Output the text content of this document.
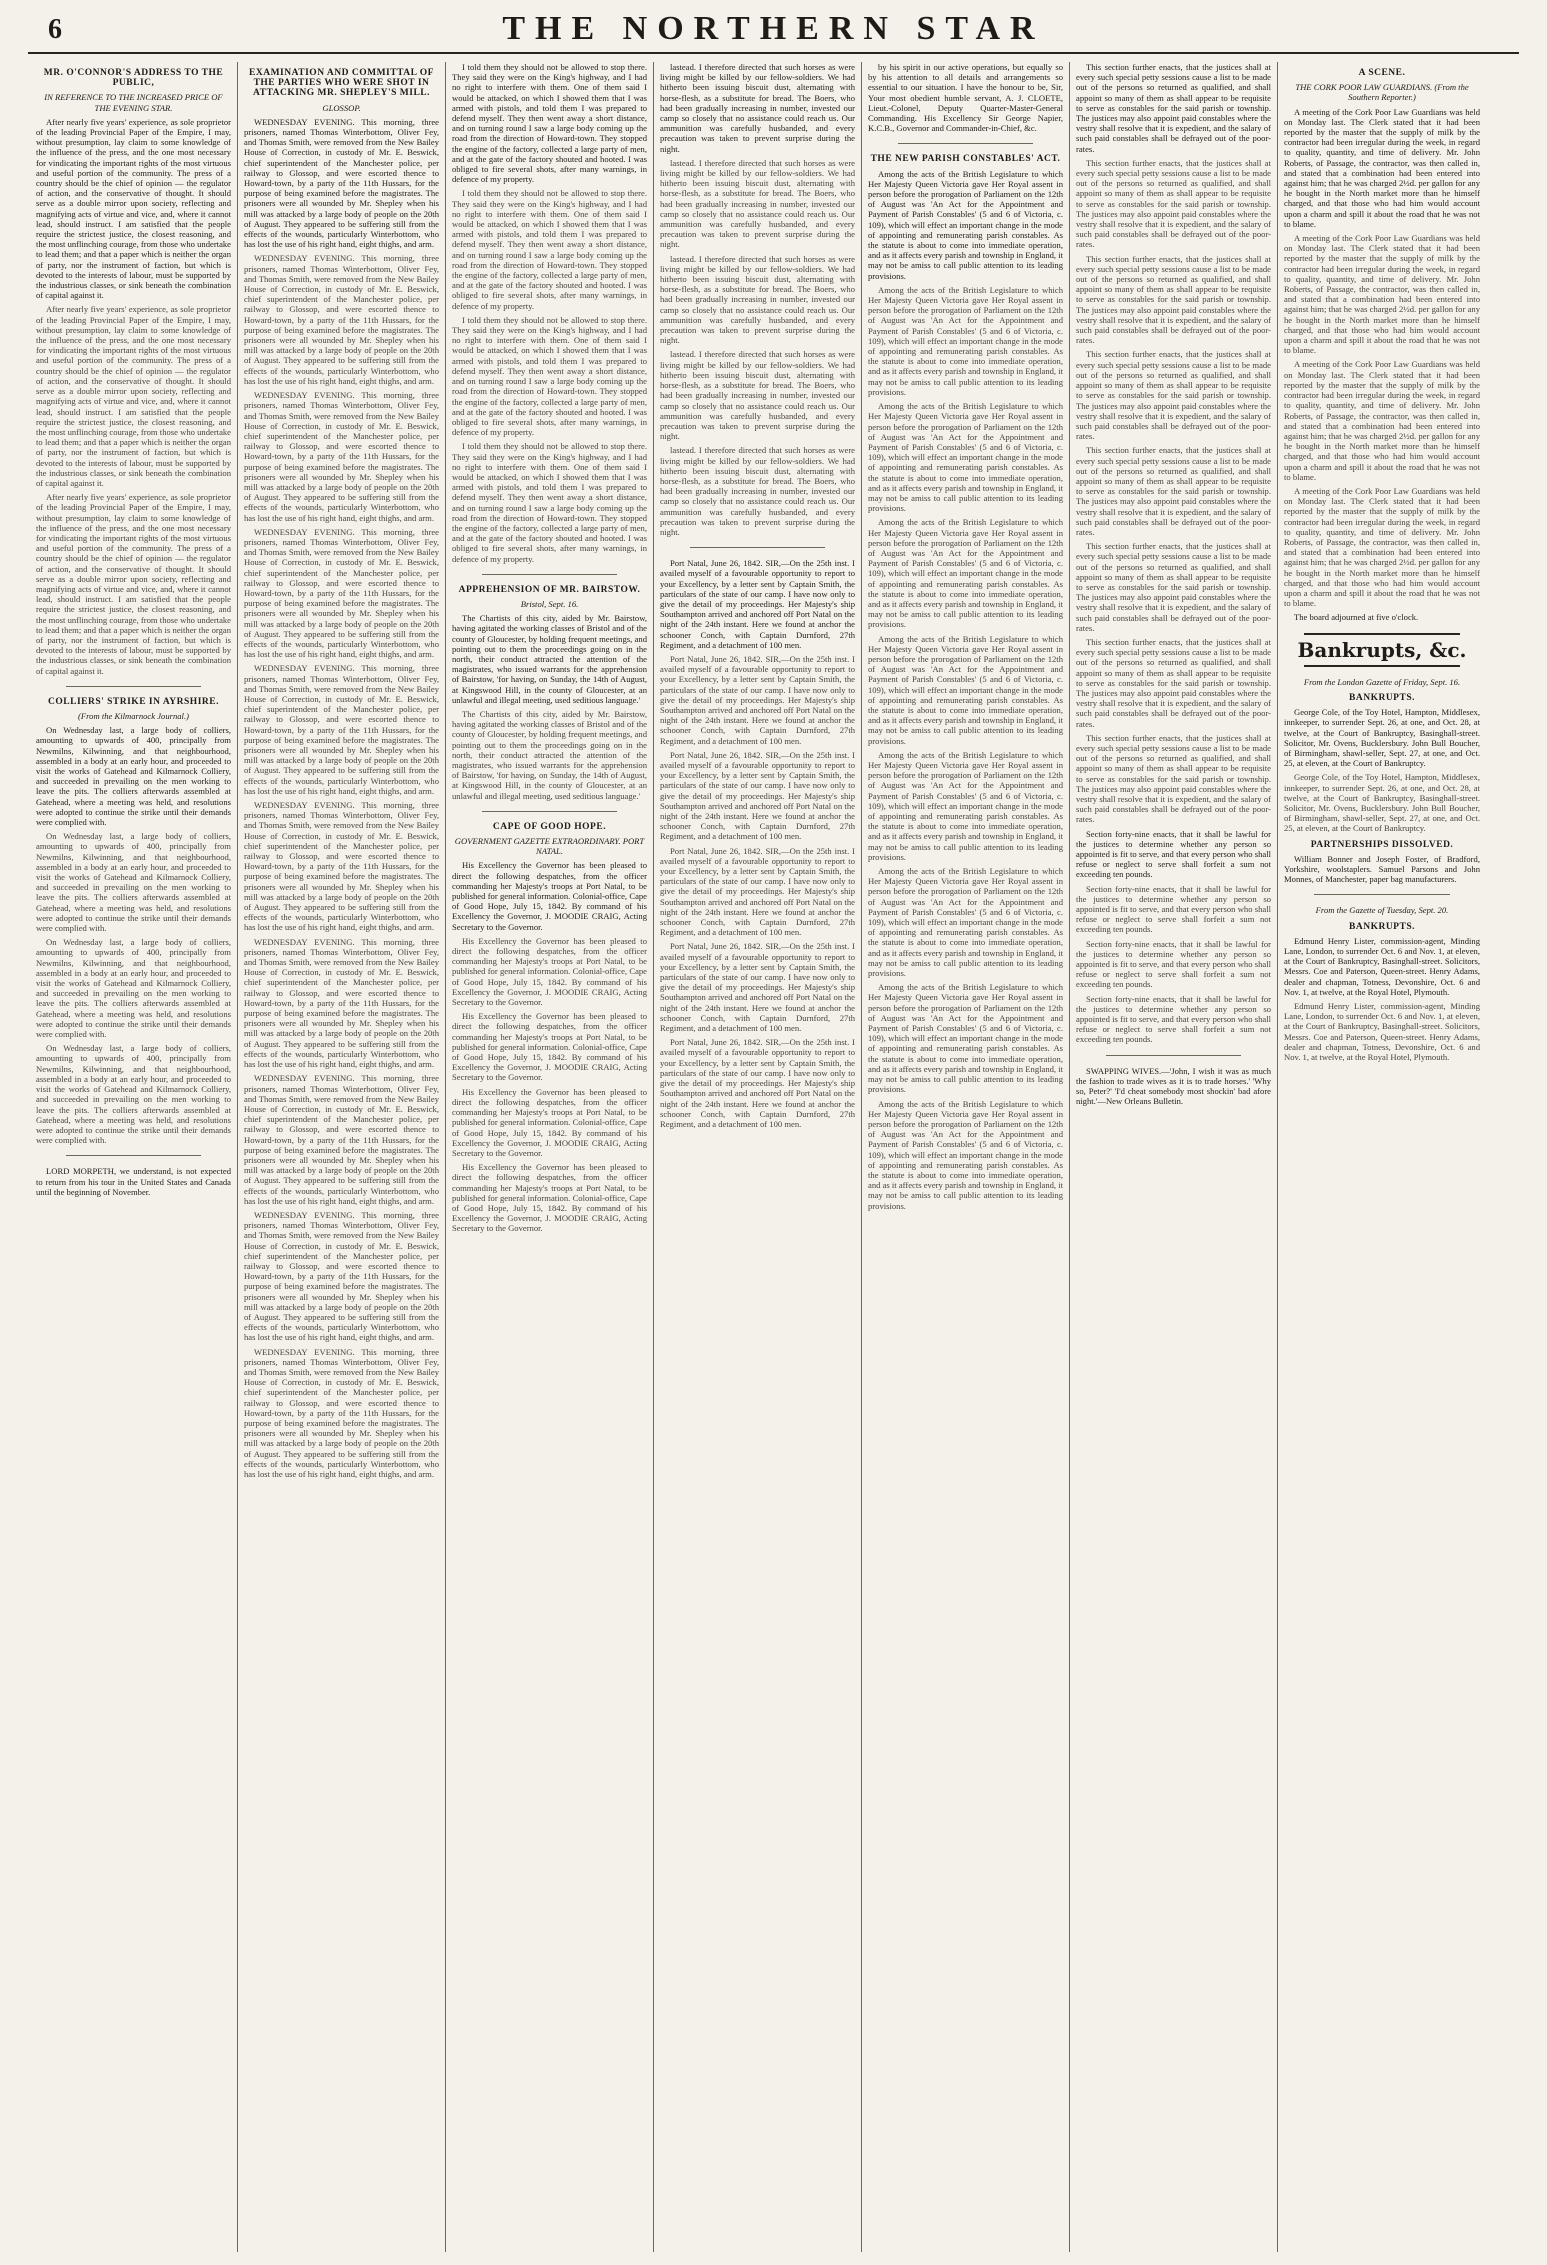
6	THE NORTHERN STAR
MR. O'CONNOR'S ADDRESS TO THE PUBLIC,
IN REFERENCE TO THE INCREASED PRICE OF THE EVENING STAR.

After nearly five years' experience, as sole proprietor of the leading Provincial Paper of the Empire, I may, without presumption, lay claim to some knowledge of the influence of the press, and the one most necessary for vindicating the important rights of the most virtuous and useful portion of the community. The press of a country should be the chief of opinion — the regulator of action, and the conservative of thought. It should serve as a double mirror upon society, reflecting and magnifying acts of virtue and vice, and, where it cannot lead, should instruct. I am satisfied that the people require the strictest justice, the closest reasoning, and the most unflinching courage, from those who undertake to lead them; and that a paper which is neither the organ of party, nor the instrument of faction, but which is devoted to the interests of labour, must be supported by the industrious classes, or sink beneath the combination of capital against it.

After nearly five years' experience, as sole proprietor of the leading Provincial Paper of the Empire, I may, without presumption, lay claim to some knowledge of the influence of the press, and the one most necessary for vindicating the important rights of the most virtuous and useful portion of the community. The press of a country should be the chief of opinion — the regulator of action, and the conservative of thought. It should serve as a double mirror upon society, reflecting and magnifying acts of virtue and vice, and, where it cannot lead, should instruct. I am satisfied that the people require the strictest justice, the closest reasoning, and the most unflinching courage, from those who undertake to lead them; and that a paper which is neither the organ of party, nor the instrument of faction, but which is devoted to the interests of labour, must be supported by the industrious classes, or sink beneath the combination of capital against it.

After nearly five years' experience, as sole proprietor of the leading Provincial Paper of the Empire, I may, without presumption, lay claim to some knowledge of the influence of the press, and the one most necessary for vindicating the important rights of the most virtuous and useful portion of the community. The press of a country should be the chief of opinion — the regulator of action, and the conservative of thought. It should serve as a double mirror upon society, reflecting and magnifying acts of virtue and vice, and, where it cannot lead, should instruct. I am satisfied that the people require the strictest justice, the closest reasoning, and the most unflinching courage, from those who undertake to lead them; and that a paper which is neither the organ of party, nor the instrument of faction, but which is devoted to the interests of labour, must be supported by the industrious classes, or sink beneath the combination of capital against it.

COLLIERS' STRIKE IN AYRSHIRE.
(From the Kilmarnock Journal.)

On Wednesday last, a large body of colliers, amounting to upwards of 400, principally from Newmilns, Kilwinning, and that neighbourhood, assembled in a body at an early hour, and proceeded to visit the works of Gatehead and Kilmarnock Colliery, and succeeded in prevailing on the men working to leave the pits. The colliers afterwards assembled at Gatehead, where a meeting was held, and resolutions were adopted to continue the strike until their demands were complied with.

On Wednesday last, a large body of colliers, amounting to upwards of 400, principally from Newmilns, Kilwinning, and that neighbourhood, assembled in a body at an early hour, and proceeded to visit the works of Gatehead and Kilmarnock Colliery, and succeeded in prevailing on the men working to leave the pits. The colliers afterwards assembled at Gatehead, where a meeting was held, and resolutions were adopted to continue the strike until their demands were complied with.

On Wednesday last, a large body of colliers, amounting to upwards of 400, principally from Newmilns, Kilwinning, and that neighbourhood, assembled in a body at an early hour, and proceeded to visit the works of Gatehead and Kilmarnock Colliery, and succeeded in prevailing on the men working to leave the pits. The colliers afterwards assembled at Gatehead, where a meeting was held, and resolutions were adopted to continue the strike until their demands were complied with.

On Wednesday last, a large body of colliers, amounting to upwards of 400, principally from Newmilns, Kilwinning, and that neighbourhood, assembled in a body at an early hour, and proceeded to visit the works of Gatehead and Kilmarnock Colliery, and succeeded in prevailing on the men working to leave the pits. The colliers afterwards assembled at Gatehead, where a meeting was held, and resolutions were adopted to continue the strike until their demands were complied with.

LORD MORPETH, we understand, is not expected to return from his tour in the United States and Canada until the beginning of November.

EXAMINATION AND COMMITTAL OF THE PARTIES WHO WERE SHOT IN ATTACKING MR. SHEPLEY'S MILL.
GLOSSOP.

WEDNESDAY EVENING. This morning, three prisoners, named Thomas Winterbottom, Oliver Fey, and Thomas Smith, were removed from the New Bailey House of Correction, in custody of Mr. E. Beswick, chief superintendent of the Manchester police, per railway to Glossop, and were escorted thence to Howard-town, by a party of the 11th Hussars, for the purpose of being examined before the magistrates. The prisoners were all wounded by Mr. Shepley when his mill was attacked by a large body of people on the 20th of August. They appeared to be suffering still from the effects of the wounds, particularly Winterbottom, who has lost the use of his right hand, eight thighs, and arm.

WEDNESDAY EVENING. This morning, three prisoners, named Thomas Winterbottom, Oliver Fey, and Thomas Smith, were removed from the New Bailey House of Correction, in custody of Mr. E. Beswick, chief superintendent of the Manchester police, per railway to Glossop, and were escorted thence to Howard-town, by a party of the 11th Hussars, for the purpose of being examined before the magistrates. The prisoners were all wounded by Mr. Shepley when his mill was attacked by a large body of people on the 20th of August. They appeared to be suffering still from the effects of the wounds, particularly Winterbottom, who has lost the use of his right hand, eight thighs, and arm.

WEDNESDAY EVENING. This morning, three prisoners, named Thomas Winterbottom, Oliver Fey, and Thomas Smith, were removed from the New Bailey House of Correction, in custody of Mr. E. Beswick, chief superintendent of the Manchester police, per railway to Glossop, and were escorted thence to Howard-town, by a party of the 11th Hussars, for the purpose of being examined before the magistrates. The prisoners were all wounded by Mr. Shepley when his mill was attacked by a large body of people on the 20th of August. They appeared to be suffering still from the effects of the wounds, particularly Winterbottom, who has lost the use of his right hand, eight thighs, and arm.

WEDNESDAY EVENING. This morning, three prisoners, named Thomas Winterbottom, Oliver Fey, and Thomas Smith, were removed from the New Bailey House of Correction, in custody of Mr. E. Beswick, chief superintendent of the Manchester police, per railway to Glossop, and were escorted thence to Howard-town, by a party of the 11th Hussars, for the purpose of being examined before the magistrates. The prisoners were all wounded by Mr. Shepley when his mill was attacked by a large body of people on the 20th of August. They appeared to be suffering still from the effects of the wounds, particularly Winterbottom, who has lost the use of his right hand, eight thighs, and arm.

WEDNESDAY EVENING. This morning, three prisoners, named Thomas Winterbottom, Oliver Fey, and Thomas Smith, were removed from the New Bailey House of Correction, in custody of Mr. E. Beswick, chief superintendent of the Manchester police, per railway to Glossop, and were escorted thence to Howard-town, by a party of the 11th Hussars, for the purpose of being examined before the magistrates. The prisoners were all wounded by Mr. Shepley when his mill was attacked by a large body of people on the 20th of August. They appeared to be suffering still from the effects of the wounds, particularly Winterbottom, who has lost the use of his right hand, eight thighs, and arm.

WEDNESDAY EVENING. This morning, three prisoners, named Thomas Winterbottom, Oliver Fey, and Thomas Smith, were removed from the New Bailey House of Correction, in custody of Mr. E. Beswick, chief superintendent of the Manchester police, per railway to Glossop, and were escorted thence to Howard-town, by a party of the 11th Hussars, for the purpose of being examined before the magistrates. The prisoners were all wounded by Mr. Shepley when his mill was attacked by a large body of people on the 20th of August. They appeared to be suffering still from the effects of the wounds, particularly Winterbottom, who has lost the use of his right hand, eight thighs, and arm.

WEDNESDAY EVENING. This morning, three prisoners, named Thomas Winterbottom, Oliver Fey, and Thomas Smith, were removed from the New Bailey House of Correction, in custody of Mr. E. Beswick, chief superintendent of the Manchester police, per railway to Glossop, and were escorted thence to Howard-town, by a party of the 11th Hussars, for the purpose of being examined before the magistrates. The prisoners were all wounded by Mr. Shepley when his mill was attacked by a large body of people on the 20th of August. They appeared to be suffering still from the effects of the wounds, particularly Winterbottom, who has lost the use of his right hand, eight thighs, and arm.

WEDNESDAY EVENING. This morning, three prisoners, named Thomas Winterbottom, Oliver Fey, and Thomas Smith, were removed from the New Bailey House of Correction, in custody of Mr. E. Beswick, chief superintendent of the Manchester police, per railway to Glossop, and were escorted thence to Howard-town, by a party of the 11th Hussars, for the purpose of being examined before the magistrates. The prisoners were all wounded by Mr. Shepley when his mill was attacked by a large body of people on the 20th of August. They appeared to be suffering still from the effects of the wounds, particularly Winterbottom, who has lost the use of his right hand, eight thighs, and arm.

WEDNESDAY EVENING. This morning, three prisoners, named Thomas Winterbottom, Oliver Fey, and Thomas Smith, were removed from the New Bailey House of Correction, in custody of Mr. E. Beswick, chief superintendent of the Manchester police, per railway to Glossop, and were escorted thence to Howard-town, by a party of the 11th Hussars, for the purpose of being examined before the magistrates. The prisoners were all wounded by Mr. Shepley when his mill was attacked by a large body of people on the 20th of August. They appeared to be suffering still from the effects of the wounds, particularly Winterbottom, who has lost the use of his right hand, eight thighs, and arm.

WEDNESDAY EVENING. This morning, three prisoners, named Thomas Winterbottom, Oliver Fey, and Thomas Smith, were removed from the New Bailey House of Correction, in custody of Mr. E. Beswick, chief superintendent of the Manchester police, per railway to Glossop, and were escorted thence to Howard-town, by a party of the 11th Hussars, for the purpose of being examined before the magistrates. The prisoners were all wounded by Mr. Shepley when his mill was attacked by a large body of people on the 20th of August. They appeared to be suffering still from the effects of the wounds, particularly Winterbottom, who has lost the use of his right hand, eight thighs, and arm.

I told them they should not be allowed to stop there. They said they were on the King's highway, and I had no right to interfere with them. One of them said I would be attacked, on which I showed them that I was armed with pistols, and told them I was prepared to defend myself. They then went away a short distance, and on turning round I saw a large body coming up the road from the direction of Howard-town. They stopped the engine of the factory, collected a large party of men, and at the gate of the factory shouted and hooted. I was obliged to fire several shots, after many warnings, in defence of my property.

I told them they should not be allowed to stop there. They said they were on the King's highway, and I had no right to interfere with them. One of them said I would be attacked, on which I showed them that I was armed with pistols, and told them I was prepared to defend myself. They then went away a short distance, and on turning round I saw a large body coming up the road from the direction of Howard-town. They stopped the engine of the factory, collected a large party of men, and at the gate of the factory shouted and hooted. I was obliged to fire several shots, after many warnings, in defence of my property.

I told them they should not be allowed to stop there. They said they were on the King's highway, and I had no right to interfere with them. One of them said I would be attacked, on which I showed them that I was armed with pistols, and told them I was prepared to defend myself. They then went away a short distance, and on turning round I saw a large body coming up the road from the direction of Howard-town. They stopped the engine of the factory, collected a large party of men, and at the gate of the factory shouted and hooted. I was obliged to fire several shots, after many warnings, in defence of my property.

I told them they should not be allowed to stop there. They said they were on the King's highway, and I had no right to interfere with them. One of them said I would be attacked, on which I showed them that I was armed with pistols, and told them I was prepared to defend myself. They then went away a short distance, and on turning round I saw a large body coming up the road from the direction of Howard-town. They stopped the engine of the factory, collected a large party of men, and at the gate of the factory shouted and hooted. I was obliged to fire several shots, after many warnings, in defence of my property.

APPREHENSION OF MR. BAIRSTOW.
Bristol, Sept. 16.

The Chartists of this city, aided by Mr. Bairstow, having agitated the working classes of Bristol and of the county of Gloucester, by holding frequent meetings, and pointing out to them the proceedings going on in the north, their conduct attracted the attention of the magistrates, who issued warrants for the apprehension of Bairstow, 'for having, on Sunday, the 14th of August, at Kingswood Hill, in the county of Gloucester, at an unlawful and illegal meeting, used seditious language.'

The Chartists of this city, aided by Mr. Bairstow, having agitated the working classes of Bristol and of the county of Gloucester, by holding frequent meetings, and pointing out to them the proceedings going on in the north, their conduct attracted the attention of the magistrates, who issued warrants for the apprehension of Bairstow, 'for having, on Sunday, the 14th of August, at Kingswood Hill, in the county of Gloucester, at an unlawful and illegal meeting, used seditious language.'

CAPE OF GOOD HOPE.
GOVERNMENT GAZETTE EXTRAORDINARY. PORT NATAL.

His Excellency the Governor has been pleased to direct the following despatches, from the officer commanding her Majesty's troops at Port Natal, to be published for general information. Colonial-office, Cape of Good Hope, July 15, 1842. By command of his Excellency the Governor, J. MOODIE CRAIG, Acting Secretary to the Governor.

His Excellency the Governor has been pleased to direct the following despatches, from the officer commanding her Majesty's troops at Port Natal, to be published for general information. Colonial-office, Cape of Good Hope, July 15, 1842. By command of his Excellency the Governor, J. MOODIE CRAIG, Acting Secretary to the Governor.

His Excellency the Governor has been pleased to direct the following despatches, from the officer commanding her Majesty's troops at Port Natal, to be published for general information. Colonial-office, Cape of Good Hope, July 15, 1842. By command of his Excellency the Governor, J. MOODIE CRAIG, Acting Secretary to the Governor.

His Excellency the Governor has been pleased to direct the following despatches, from the officer commanding her Majesty's troops at Port Natal, to be published for general information. Colonial-office, Cape of Good Hope, July 15, 1842. By command of his Excellency the Governor, J. MOODIE CRAIG, Acting Secretary to the Governor.

His Excellency the Governor has been pleased to direct the following despatches, from the officer commanding her Majesty's troops at Port Natal, to be published for general information. Colonial-office, Cape of Good Hope, July 15, 1842. By command of his Excellency the Governor, J. MOODIE CRAIG, Acting Secretary to the Governor.

lastead. I therefore directed that such horses as were living might be killed by our fellow-soldiers. We had hitherto been issuing biscuit dust, alternating with horse-flesh, as a substitute for bread. The Boers, who had been gradually increasing in number, invested our camp so closely that no assistance could reach us. Our ammunition was carefully husbanded, and every precaution was taken to prevent surprise during the night.

lastead. I therefore directed that such horses as were living might be killed by our fellow-soldiers. We had hitherto been issuing biscuit dust, alternating with horse-flesh, as a substitute for bread. The Boers, who had been gradually increasing in number, invested our camp so closely that no assistance could reach us. Our ammunition was carefully husbanded, and every precaution was taken to prevent surprise during the night.

lastead. I therefore directed that such horses as were living might be killed by our fellow-soldiers. We had hitherto been issuing biscuit dust, alternating with horse-flesh, as a substitute for bread. The Boers, who had been gradually increasing in number, invested our camp so closely that no assistance could reach us. Our ammunition was carefully husbanded, and every precaution was taken to prevent surprise during the night.

lastead. I therefore directed that such horses as were living might be killed by our fellow-soldiers. We had hitherto been issuing biscuit dust, alternating with horse-flesh, as a substitute for bread. The Boers, who had been gradually increasing in number, invested our camp so closely that no assistance could reach us. Our ammunition was carefully husbanded, and every precaution was taken to prevent surprise during the night.

lastead. I therefore directed that such horses as were living might be killed by our fellow-soldiers. We had hitherto been issuing biscuit dust, alternating with horse-flesh, as a substitute for bread. The Boers, who had been gradually increasing in number, invested our camp so closely that no assistance could reach us. Our ammunition was carefully husbanded, and every precaution was taken to prevent surprise during the night.

Port Natal, June 26, 1842. SIR,—On the 25th inst. I availed myself of a favourable opportunity to report to your Excellency, by a letter sent by Captain Smith, the particulars of the state of our camp. I have now only to give the detail of my proceedings. Her Majesty's ship Southampton arrived and anchored off Port Natal on the night of the 24th instant. Here we found at anchor the schooner Conch, with Captain Durnford, 27th Regiment, and a detachment of 100 men.

Port Natal, June 26, 1842. SIR,—On the 25th inst. I availed myself of a favourable opportunity to report to your Excellency, by a letter sent by Captain Smith, the particulars of the state of our camp. I have now only to give the detail of my proceedings. Her Majesty's ship Southampton arrived and anchored off Port Natal on the night of the 24th instant. Here we found at anchor the schooner Conch, with Captain Durnford, 27th Regiment, and a detachment of 100 men.

Port Natal, June 26, 1842. SIR,—On the 25th inst. I availed myself of a favourable opportunity to report to your Excellency, by a letter sent by Captain Smith, the particulars of the state of our camp. I have now only to give the detail of my proceedings. Her Majesty's ship Southampton arrived and anchored off Port Natal on the night of the 24th instant. Here we found at anchor the schooner Conch, with Captain Durnford, 27th Regiment, and a detachment of 100 men.

Port Natal, June 26, 1842. SIR,—On the 25th inst. I availed myself of a favourable opportunity to report to your Excellency, by a letter sent by Captain Smith, the particulars of the state of our camp. I have now only to give the detail of my proceedings. Her Majesty's ship Southampton arrived and anchored off Port Natal on the night of the 24th instant. Here we found at anchor the schooner Conch, with Captain Durnford, 27th Regiment, and a detachment of 100 men.

Port Natal, June 26, 1842. SIR,—On the 25th inst. I availed myself of a favourable opportunity to report to your Excellency, by a letter sent by Captain Smith, the particulars of the state of our camp. I have now only to give the detail of my proceedings. Her Majesty's ship Southampton arrived and anchored off Port Natal on the night of the 24th instant. Here we found at anchor the schooner Conch, with Captain Durnford, 27th Regiment, and a detachment of 100 men.

Port Natal, June 26, 1842. SIR,—On the 25th inst. I availed myself of a favourable opportunity to report to your Excellency, by a letter sent by Captain Smith, the particulars of the state of our camp. I have now only to give the detail of my proceedings. Her Majesty's ship Southampton arrived and anchored off Port Natal on the night of the 24th instant. Here we found at anchor the schooner Conch, with Captain Durnford, 27th Regiment, and a detachment of 100 men.

by his spirit in our active operations, but equally so by his attention to all details and arrangements so essential to our situation. I have the honour to be, Sir, Your most obedient humble servant, A. J. CLOETE, Lieut.-Colonel, Deputy Quarter-Master-General Commanding. His Excellency Sir George Napier, K.C.B., Governor and Commander-in-Chief, &c.

THE NEW PARISH CONSTABLES' ACT.

Among the acts of the British Legislature to which Her Majesty Queen Victoria gave Her Royal assent in person before the prorogation of Parliament on the 12th of August was 'An Act for the Appointment and Payment of Parish Constables' (5 and 6 of Victoria, c. 109), which will effect an important change in the mode of appointing and remunerating parish constables. As the statute is about to come into immediate operation, and as it affects every parish and township in England, it may not be amiss to call public attention to its leading provisions.

Among the acts of the British Legislature to which Her Majesty Queen Victoria gave Her Royal assent in person before the prorogation of Parliament on the 12th of August was 'An Act for the Appointment and Payment of Parish Constables' (5 and 6 of Victoria, c. 109), which will effect an important change in the mode of appointing and remunerating parish constables. As the statute is about to come into immediate operation, and as it affects every parish and township in England, it may not be amiss to call public attention to its leading provisions.

Among the acts of the British Legislature to which Her Majesty Queen Victoria gave Her Royal assent in person before the prorogation of Parliament on the 12th of August was 'An Act for the Appointment and Payment of Parish Constables' (5 and 6 of Victoria, c. 109), which will effect an important change in the mode of appointing and remunerating parish constables. As the statute is about to come into immediate operation, and as it affects every parish and township in England, it may not be amiss to call public attention to its leading provisions.

Among the acts of the British Legislature to which Her Majesty Queen Victoria gave Her Royal assent in person before the prorogation of Parliament on the 12th of August was 'An Act for the Appointment and Payment of Parish Constables' (5 and 6 of Victoria, c. 109), which will effect an important change in the mode of appointing and remunerating parish constables. As the statute is about to come into immediate operation, and as it affects every parish and township in England, it may not be amiss to call public attention to its leading provisions.

Among the acts of the British Legislature to which Her Majesty Queen Victoria gave Her Royal assent in person before the prorogation of Parliament on the 12th of August was 'An Act for the Appointment and Payment of Parish Constables' (5 and 6 of Victoria, c. 109), which will effect an important change in the mode of appointing and remunerating parish constables. As the statute is about to come into immediate operation, and as it affects every parish and township in England, it may not be amiss to call public attention to its leading provisions.

Among the acts of the British Legislature to which Her Majesty Queen Victoria gave Her Royal assent in person before the prorogation of Parliament on the 12th of August was 'An Act for the Appointment and Payment of Parish Constables' (5 and 6 of Victoria, c. 109), which will effect an important change in the mode of appointing and remunerating parish constables. As the statute is about to come into immediate operation, and as it affects every parish and township in England, it may not be amiss to call public attention to its leading provisions.

Among the acts of the British Legislature to which Her Majesty Queen Victoria gave Her Royal assent in person before the prorogation of Parliament on the 12th of August was 'An Act for the Appointment and Payment of Parish Constables' (5 and 6 of Victoria, c. 109), which will effect an important change in the mode of appointing and remunerating parish constables. As the statute is about to come into immediate operation, and as it affects every parish and township in England, it may not be amiss to call public attention to its leading provisions.

Among the acts of the British Legislature to which Her Majesty Queen Victoria gave Her Royal assent in person before the prorogation of Parliament on the 12th of August was 'An Act for the Appointment and Payment of Parish Constables' (5 and 6 of Victoria, c. 109), which will effect an important change in the mode of appointing and remunerating parish constables. As the statute is about to come into immediate operation, and as it affects every parish and township in England, it may not be amiss to call public attention to its leading provisions.

Among the acts of the British Legislature to which Her Majesty Queen Victoria gave Her Royal assent in person before the prorogation of Parliament on the 12th of August was 'An Act for the Appointment and Payment of Parish Constables' (5 and 6 of Victoria, c. 109), which will effect an important change in the mode of appointing and remunerating parish constables. As the statute is about to come into immediate operation, and as it affects every parish and township in England, it may not be amiss to call public attention to its leading provisions.

This section further enacts, that the justices shall at every such special petty sessions cause a list to be made out of the persons so returned as qualified, and shall appoint so many of them as shall appear to be requisite to serve as constables for the said parish or township. The justices may also appoint paid constables where the vestry shall resolve that it is expedient, and the salary of such paid constables shall be defrayed out of the poor-rates.

This section further enacts, that the justices shall at every such special petty sessions cause a list to be made out of the persons so returned as qualified, and shall appoint so many of them as shall appear to be requisite to serve as constables for the said parish or township. The justices may also appoint paid constables where the vestry shall resolve that it is expedient, and the salary of such paid constables shall be defrayed out of the poor-rates.

This section further enacts, that the justices shall at every such special petty sessions cause a list to be made out of the persons so returned as qualified, and shall appoint so many of them as shall appear to be requisite to serve as constables for the said parish or township. The justices may also appoint paid constables where the vestry shall resolve that it is expedient, and the salary of such paid constables shall be defrayed out of the poor-rates.

This section further enacts, that the justices shall at every such special petty sessions cause a list to be made out of the persons so returned as qualified, and shall appoint so many of them as shall appear to be requisite to serve as constables for the said parish or township. The justices may also appoint paid constables where the vestry shall resolve that it is expedient, and the salary of such paid constables shall be defrayed out of the poor-rates.

This section further enacts, that the justices shall at every such special petty sessions cause a list to be made out of the persons so returned as qualified, and shall appoint so many of them as shall appear to be requisite to serve as constables for the said parish or township. The justices may also appoint paid constables where the vestry shall resolve that it is expedient, and the salary of such paid constables shall be defrayed out of the poor-rates.

This section further enacts, that the justices shall at every such special petty sessions cause a list to be made out of the persons so returned as qualified, and shall appoint so many of them as shall appear to be requisite to serve as constables for the said parish or township. The justices may also appoint paid constables where the vestry shall resolve that it is expedient, and the salary of such paid constables shall be defrayed out of the poor-rates.

This section further enacts, that the justices shall at every such special petty sessions cause a list to be made out of the persons so returned as qualified, and shall appoint so many of them as shall appear to be requisite to serve as constables for the said parish or township. The justices may also appoint paid constables where the vestry shall resolve that it is expedient, and the salary of such paid constables shall be defrayed out of the poor-rates.

This section further enacts, that the justices shall at every such special petty sessions cause a list to be made out of the persons so returned as qualified, and shall appoint so many of them as shall appear to be requisite to serve as constables for the said parish or township. The justices may also appoint paid constables where the vestry shall resolve that it is expedient, and the salary of such paid constables shall be defrayed out of the poor-rates.

Section forty-nine enacts, that it shall be lawful for the justices to determine whether any person so appointed is fit to serve, and that every person who shall refuse or neglect to serve shall forfeit a sum not exceeding ten pounds.

Section forty-nine enacts, that it shall be lawful for the justices to determine whether any person so appointed is fit to serve, and that every person who shall refuse or neglect to serve shall forfeit a sum not exceeding ten pounds.

Section forty-nine enacts, that it shall be lawful for the justices to determine whether any person so appointed is fit to serve, and that every person who shall refuse or neglect to serve shall forfeit a sum not exceeding ten pounds.

Section forty-nine enacts, that it shall be lawful for the justices to determine whether any person so appointed is fit to serve, and that every person who shall refuse or neglect to serve shall forfeit a sum not exceeding ten pounds.

SWAPPING WIVES.—'John, I wish it was as much the fashion to trade wives as it is to trade horses.' 'Why so, Peter?' 'I'd cheat somebody most shockin' bad afore night.'—New Orleans Bulletin.

A SCENE.
THE CORK POOR LAW GUARDIANS. (From the Southern Reporter.)

A meeting of the Cork Poor Law Guardians was held on Monday last. The Clerk stated that it had been reported by the master that the supply of milk by the contractor had been irregular during the week, in regard to quality, quantity, and time of delivery. Mr. John Roberts, of Passage, the contractor, was then called in, and stated that a combination had been entered into against him; that he was charged 2½d. per gallon for any he bought in the North market more than he himself charged, and that those who had him would account upon a charm and spill it about the road that he was not to blame.

A meeting of the Cork Poor Law Guardians was held on Monday last. The Clerk stated that it had been reported by the master that the supply of milk by the contractor had been irregular during the week, in regard to quality, quantity, and time of delivery. Mr. John Roberts, of Passage, the contractor, was then called in, and stated that a combination had been entered into against him; that he was charged 2½d. per gallon for any he bought in the North market more than he himself charged, and that those who had him would account upon a charm and spill it about the road that he was not to blame.

A meeting of the Cork Poor Law Guardians was held on Monday last. The Clerk stated that it had been reported by the master that the supply of milk by the contractor had been irregular during the week, in regard to quality, quantity, and time of delivery. Mr. John Roberts, of Passage, the contractor, was then called in, and stated that a combination had been entered into against him; that he was charged 2½d. per gallon for any he bought in the North market more than he himself charged, and that those who had him would account upon a charm and spill it about the road that he was not to blame.

A meeting of the Cork Poor Law Guardians was held on Monday last. The Clerk stated that it had been reported by the master that the supply of milk by the contractor had been irregular during the week, in regard to quality, quantity, and time of delivery. Mr. John Roberts, of Passage, the contractor, was then called in, and stated that a combination had been entered into against him; that he was charged 2½d. per gallon for any he bought in the North market more than he himself charged, and that those who had him would account upon a charm and spill it about the road that he was not to blame.

The board adjourned at five o'clock.

Bankrupts, &c.
From the London Gazette of Friday, Sept. 16.
BANKRUPTS.

George Cole, of the Toy Hotel, Hampton, Middlesex, innkeeper, to surrender Sept. 26, at one, and Oct. 28, at twelve, at the Court of Bankruptcy, Basinghall-street. Solicitor, Mr. Ovens, Bucklersbury. John Bull Boucher, of Birmingham, shawl-seller, Sept. 27, at one, and Oct. 25, at eleven, at the Court of Bankruptcy.

George Cole, of the Toy Hotel, Hampton, Middlesex, innkeeper, to surrender Sept. 26, at one, and Oct. 28, at twelve, at the Court of Bankruptcy, Basinghall-street. Solicitor, Mr. Ovens, Bucklersbury. John Bull Boucher, of Birmingham, shawl-seller, Sept. 27, at one, and Oct. 25, at eleven, at the Court of Bankruptcy.

PARTNERSHIPS DISSOLVED.

William Bonner and Joseph Foster, of Bradford, Yorkshire, woolstaplers. Samuel Parsons and John Monnes, of Manchester, paper bag manufacturers.

From the Gazette of Tuesday, Sept. 20.
BANKRUPTS.

Edmund Henry Lister, commission-agent, Minding Lane, London, to surrender Oct. 6 and Nov. 1, at eleven, at the Court of Bankruptcy, Basinghall-street. Solicitors, Messrs. Coe and Paterson, Queen-street. Henry Adams, dealer and chapman, Totness, Devonshire, Oct. 6 and Nov. 1, at twelve, at the Royal Hotel, Plymouth.

Edmund Henry Lister, commission-agent, Minding Lane, London, to surrender Oct. 6 and Nov. 1, at eleven, at the Court of Bankruptcy, Basinghall-street. Solicitors, Messrs. Coe and Paterson, Queen-street. Henry Adams, dealer and chapman, Totness, Devonshire, Oct. 6 and Nov. 1, at twelve, at the Royal Hotel, Plymouth.
